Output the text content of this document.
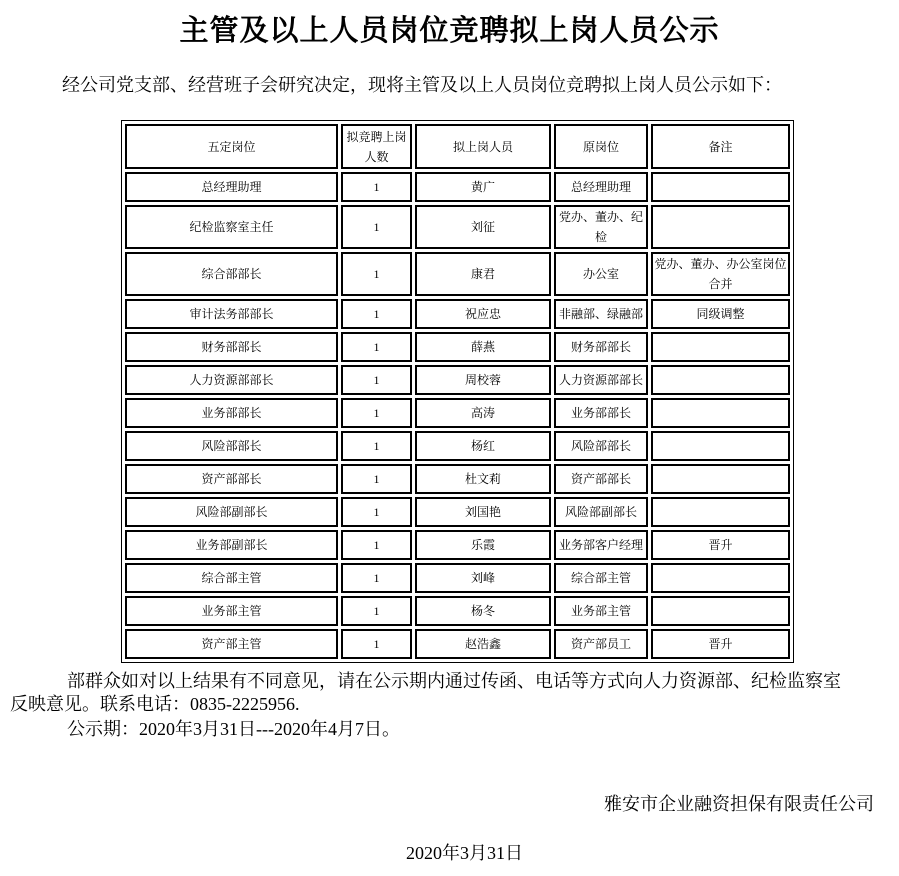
主管及以上人员岗位竞聘拟上岗人员公示
经公司党支部、经营班子会研究决定，现将主管及以上人员岗位竞聘拟上岗人员公示如下：
五定岗位	拟竞聘上岗人数	拟上岗人员	原岗位	备注
总经理助理	1	黄广	总经理助理	
纪检监察室主任	1	刘征	党办、董办、纪检	
综合部部长	1	康君	办公室	党办、董办、办公室岗位合并
审计法务部部长	1	祝应忠	非融部、绿融部	同级调整
财务部部长	1	薛燕	财务部部长	
人力资源部部长	1	周校蓉	人力资源部部长	
业务部部长	1	高涛	业务部部长	
风险部部长	1	杨红	风险部部长	
资产部部长	1	杜文莉	资产部部长	
风险部副部长	1	刘国艳	风险部副部长	
业务部副部长	1	乐霞	业务部客户经理	晋升
综合部主管	1	刘峰	综合部主管	
业务部主管	1	杨冬	业务部主管	
资产部主管	1	赵浩鑫	资产部员工	晋升
部群众如对以上结果有不同意见，请在公示期内通过传函、电话等方式向人力资源部、纪检监察室
反映意见。联系电话：0835-2225956.
公示期：2020年3月31日---2020年4月7日。
雅安市企业融资担保有限责任公司
2020年3月31日
